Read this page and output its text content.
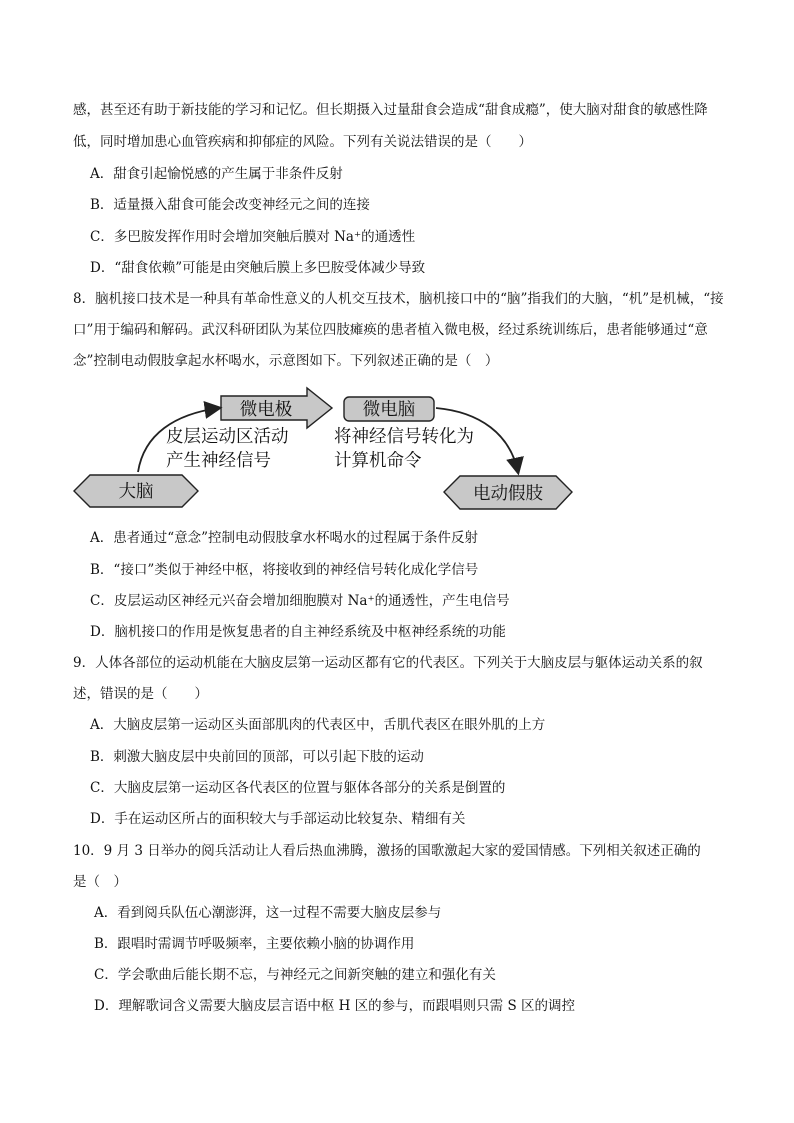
感，甚至还有助于新技能的学习和记忆。但长期摄入过量甜食会造成“甜食成瘾”，使大脑对甜食的敏感性降
低，同时增加患心血管疾病和抑郁症的风险。下列有关说法错误的是（　　）
A．甜食引起愉悦感的产生属于非条件反射
B．适量摄入甜食可能会改变神经元之间的连接
C．多巴胺发挥作用时会增加突触后膜对 Na⁺的通透性
D．“甜食依赖”可能是由突触后膜上多巴胺受体减少导致
8．脑机接口技术是一种具有革命性意义的人机交互技术，脑机接口中的“脑”指我们的大脑，“机”是机械，“接
口”用于编码和解码。武汉科研团队为某位四肢瘫痪的患者植入微电极，经过系统训练后，患者能够通过“意
念”控制电动假肢拿起水杯喝水，示意图如下。下列叙述正确的是（　）
大脑
微电极	微电脑
电动假肢
皮层运动区活动
产生神经信号
将神经信号转化为
计算机命令
A．患者通过“意念”控制电动假肢拿水杯喝水的过程属于条件反射
B．“接口”类似于神经中枢，将接收到的神经信号转化成化学信号
C．皮层运动区神经元兴奋会增加细胞膜对 Na⁺的通透性，产生电信号
D．脑机接口的作用是恢复患者的自主神经系统及中枢神经系统的功能
9．人体各部位的运动机能在大脑皮层第一运动区都有它的代表区。下列关于大脑皮层与躯体运动关系的叙
述，错误的是（　　）
A．大脑皮层第一运动区头面部肌肉的代表区中，舌肌代表区在眼外肌的上方
B．刺激大脑皮层中央前回的顶部，可以引起下肢的运动
C．大脑皮层第一运动区各代表区的位置与躯体各部分的关系是倒置的
D．手在运动区所占的面积较大与手部运动比较复杂、精细有关
10．9 月 3 日举办的阅兵活动让人看后热血沸腾，激扬的国歌激起大家的爱国情感。下列相关叙述正确的
是（　）
A．看到阅兵队伍心潮澎湃，这一过程不需要大脑皮层参与
B．跟唱时需调节呼吸频率，主要依赖小脑的协调作用
C．学会歌曲后能长期不忘，与神经元之间新突触的建立和强化有关
D．理解歌词含义需要大脑皮层言语中枢 H 区的参与，而跟唱则只需 S 区的调控
